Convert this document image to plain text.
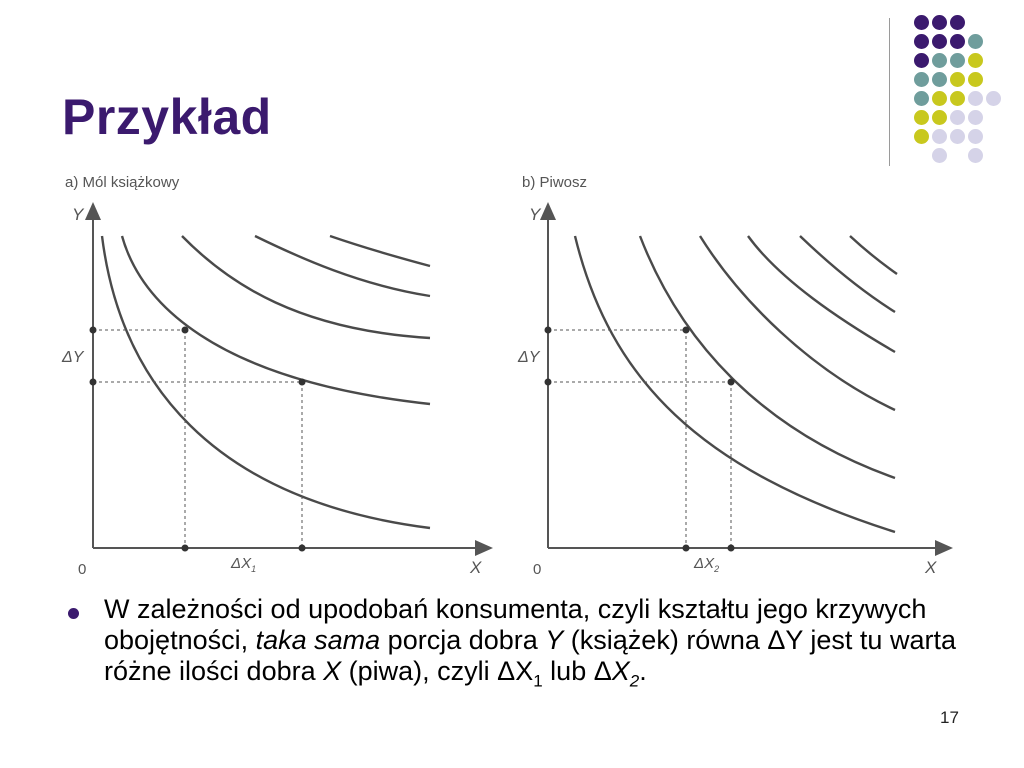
Przykład
a) Mól książkowy
Y
X
0
ΔY
$\Delta X_1$
b) Piwosz
Y
X
0
ΔY
$\Delta X_2$
W zależności od upodobań konsumenta, czyli kształtu jego krzywych obojętności, taka sama porcja dobra Y (książek) równa ΔY jest tu warta różne ilości dobra X (piwa), czyli $\Delta X_1$ lub $\Delta X_2$.
17
